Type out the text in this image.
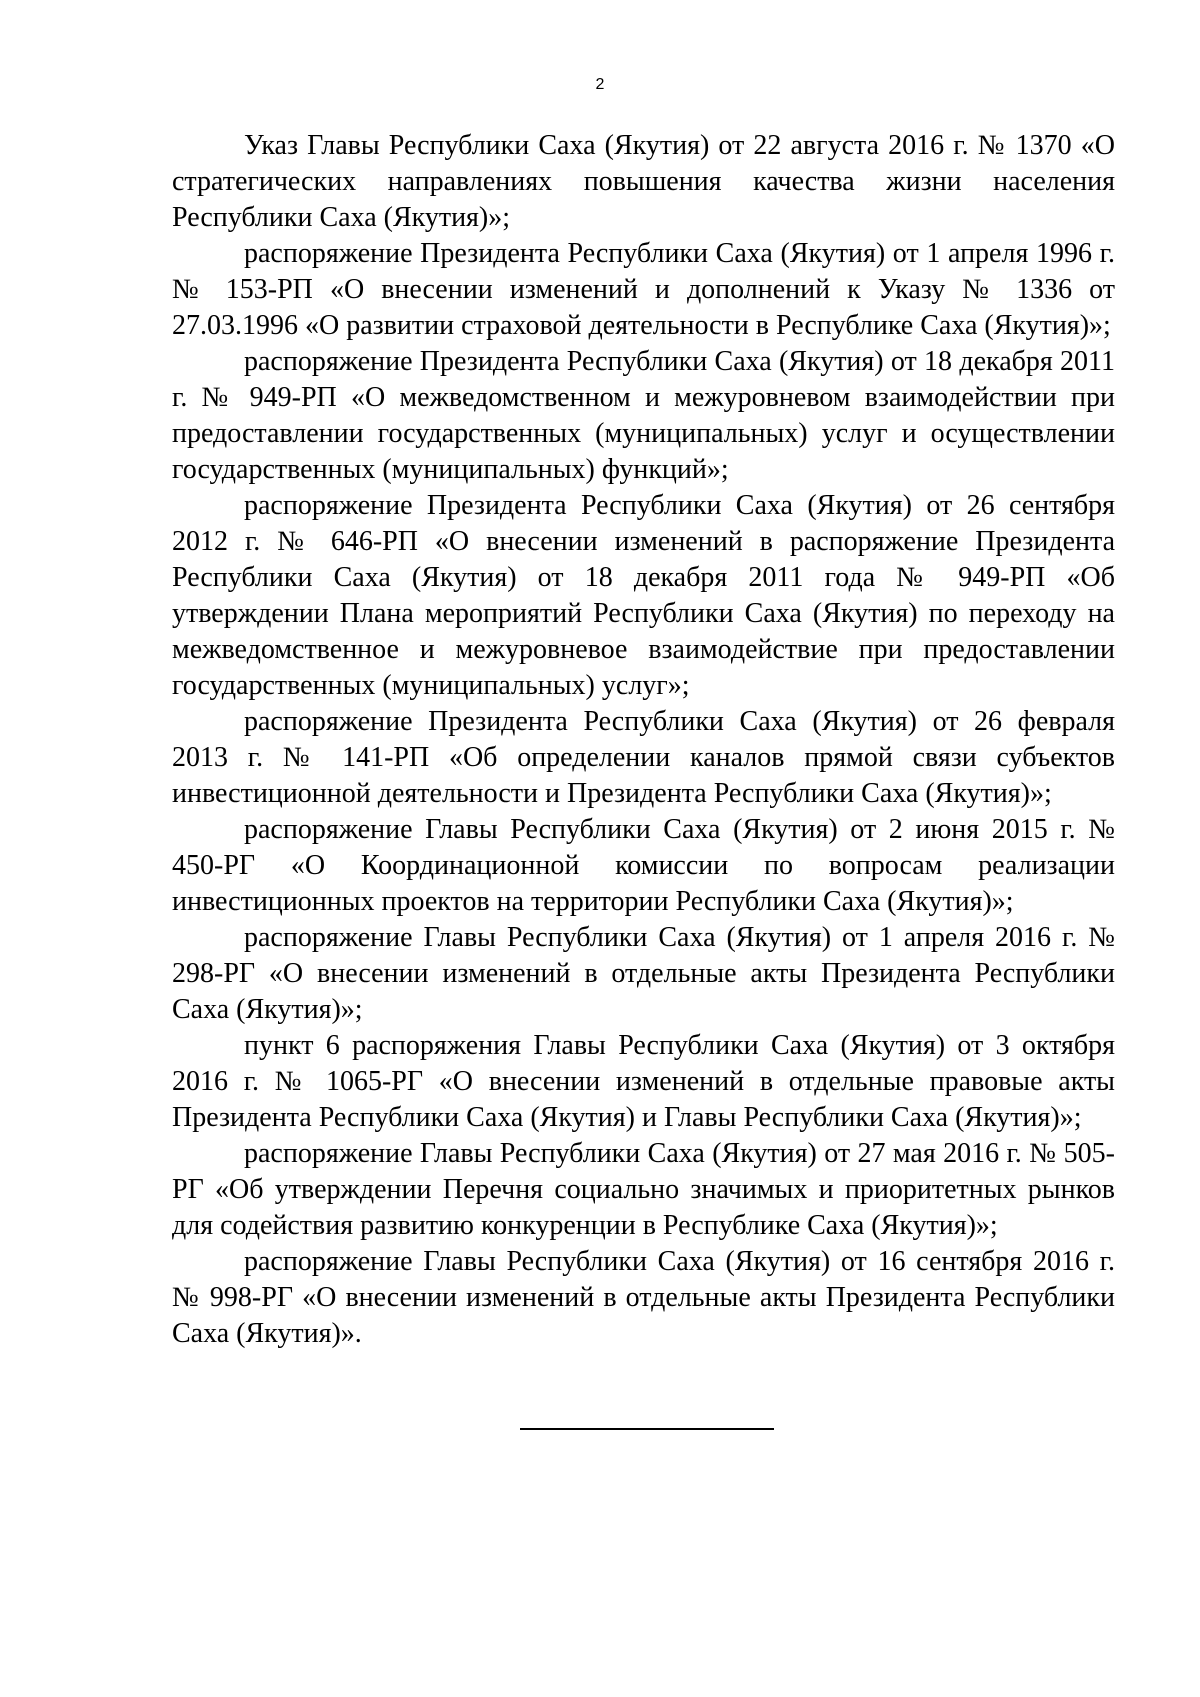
2

Указ Главы Республики Саха (Якутия) от 22 августа 2016 г. № 1370 «О стратегических направлениях повышения качества жизни населения Республики Саха (Якутия)»;

распоряжение Президента Республики Саха (Якутия) от 1 апреля 1996 г. № 153-РП «О внесении изменений и дополнений к Указу № 1336 от 27.03.1996 «О развитии страховой деятельности в Республике Саха (Якутия)»;

распоряжение Президента Республики Саха (Якутия) от 18 декабря 2011 г. № 949-РП «О межведомственном и межуровневом взаимодействии при предоставлении государственных (муниципальных) услуг и осуществлении государственных (муниципальных) функций»;

распоряжение Президента Республики Саха (Якутия) от 26 сентября 2012 г. № 646-РП «О внесении изменений в распоряжение Президента Республики Саха (Якутия) от 18 декабря 2011 года № 949-РП «Об утверждении Плана мероприятий Республики Саха (Якутия) по переходу на межведомственное и межуровневое взаимодействие при предоставлении государственных (муниципальных) услуг»;

распоряжение Президента Республики Саха (Якутия) от 26 февраля 2013 г. № 141-РП «Об определении каналов прямой связи субъектов инвестиционной деятельности и Президента Республики Саха (Якутия)»;

распоряжение Главы Республики Саха (Якутия) от 2 июня 2015 г. № 450-РГ «О Координационной комиссии по вопросам реализации инвестиционных проектов на территории Республики Саха (Якутия)»;

распоряжение Главы Республики Саха (Якутия) от 1 апреля 2016 г. № 298-РГ «О внесении изменений в отдельные акты Президента Республики Саха (Якутия)»;

пункт 6 распоряжения Главы Республики Саха (Якутия) от 3 октября 2016 г. № 1065-РГ «О внесении изменений в отдельные правовые акты Президента Республики Саха (Якутия) и Главы Республики Саха (Якутия)»;

распоряжение Главы Республики Саха (Якутия) от 27 мая 2016 г. № 505-РГ «Об утверждении Перечня социально значимых и приоритетных рынков для содействия развитию конкуренции в Республике Саха (Якутия)»;

распоряжение Главы Республики Саха (Якутия) от 16 сентября 2016 г. № 998-РГ «О внесении изменений в отдельные акты Президента Республики Саха (Якутия)».
